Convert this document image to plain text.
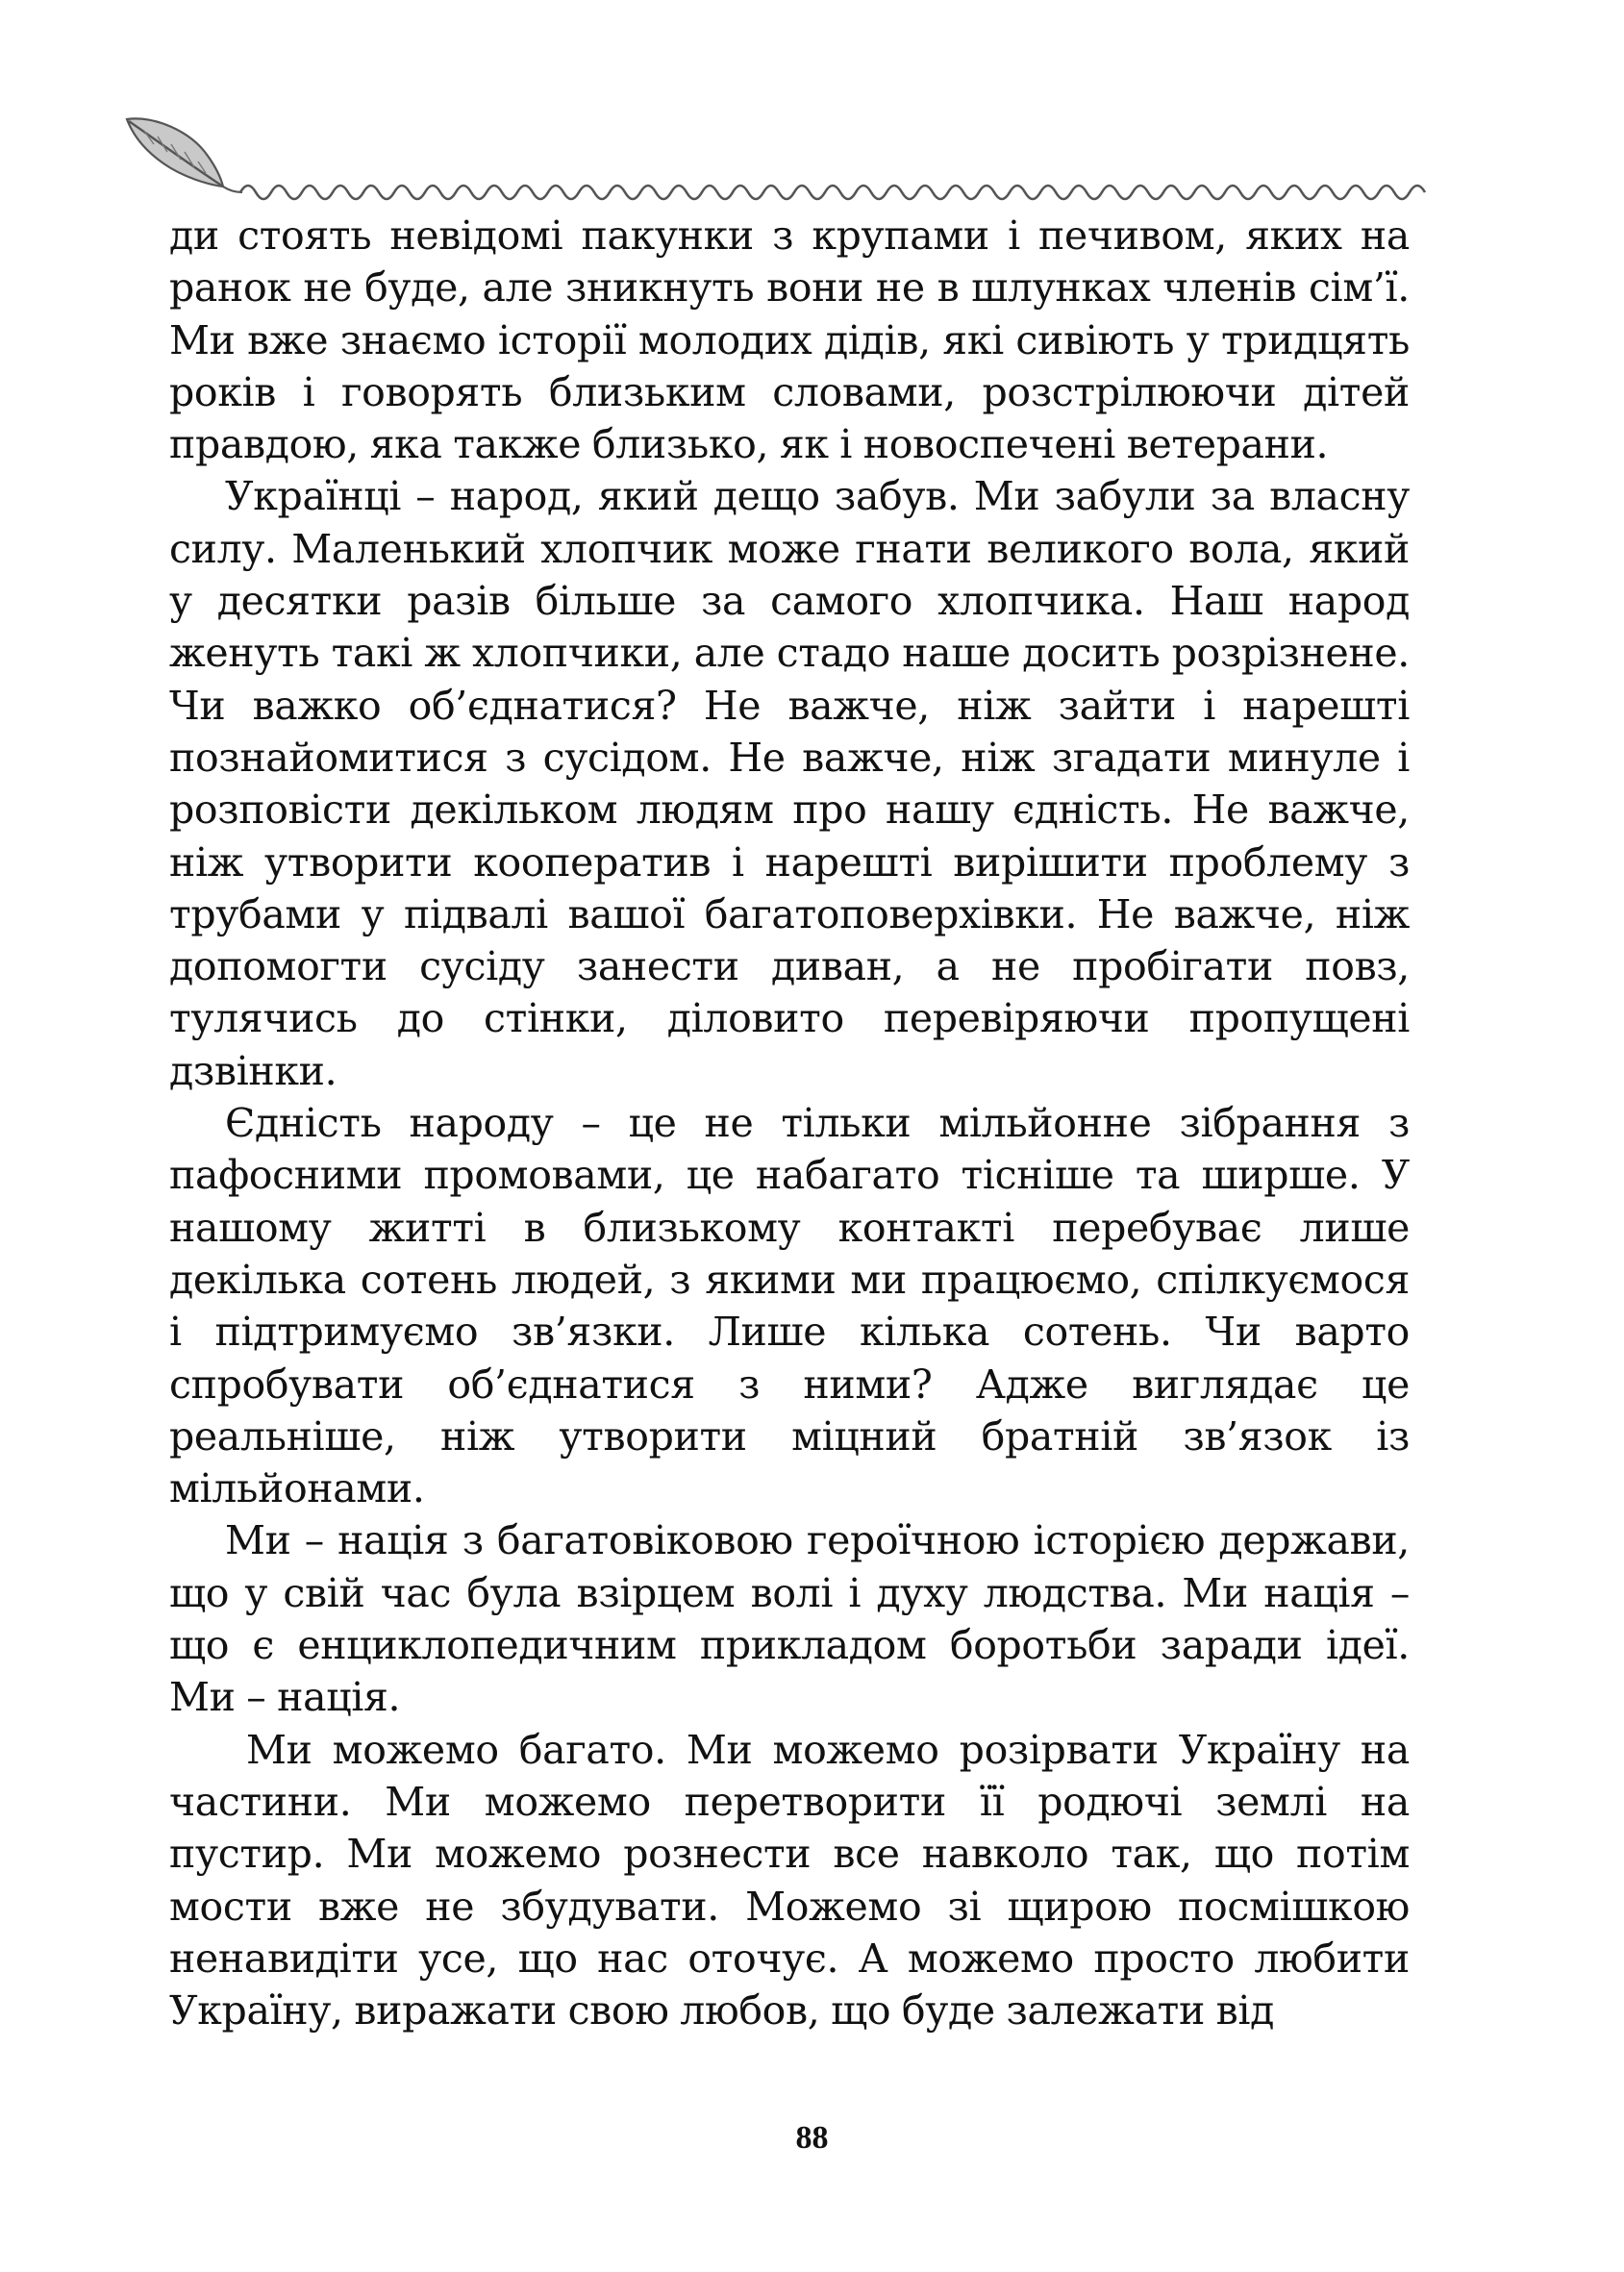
ди стоять невідомі пакунки з крупами і печивом, яких на ранок не буде, але зникнуть вони не в шлунках членів сім’ї. Ми вже знаємо історії молодих дідів, які сивіють у тридцять років і говорять близьким словами, розстрілюючи дітей правдою, яка также близько, як і новоспечені ветерани.

Українці – народ, який дещо забув. Ми забули за власну силу. Маленький хлопчик може гнати великого вола, який у десятки разів більше за самого хлопчика. Наш народ женуть такі ж хлопчики, але стадо наше досить розрізнене. Чи важко об’єднатися? Не важче, ніж зайти і нарешті познайомитися з сусідом. Не важче, ніж згадати минуле і розповісти декільком людям про нашу єдність. Не важче, ніж утворити кооператив і нарешті вирішити проблему з трубами у підвалі вашої багатоповерхівки. Не важче, ніж допомогти сусіду занести диван, а не пробігати повз, тулячись до стінки, діловито перевіряючи пропущені дзвінки.

Єдність народу – це не тільки мільйонне зібрання з пафосними промовами, це набагато тісніше та ширше. У нашому житті в близькому контакті перебуває лише декілька сотень людей, з якими ми працюємо, спілкуємося і підтримуємо зв’язки. Лише кілька сотень. Чи варто спробувати об’єднатися з ними? Адже виглядає це реальніше, ніж утворити міцний братній зв’язок із мільйонами.

Ми – нація з багатовіковою героїчною історією держави, що у свій час була взірцем волі і духу людства. Ми нація – що є енциклопедичним прикладом боротьби заради ідеї. Ми – нація.

Ми можемо багато. Ми можемо розірвати Україну на частини. Ми можемо перетворити її родючі землі на пустир. Ми можемо рознести все навколо так, що потім мости вже не збудувати. Можемо зі щирою посмішкою ненавидіти усе, що нас оточує. А можемо просто любити Україну, виражати свою любов, що буде залежати від

88
